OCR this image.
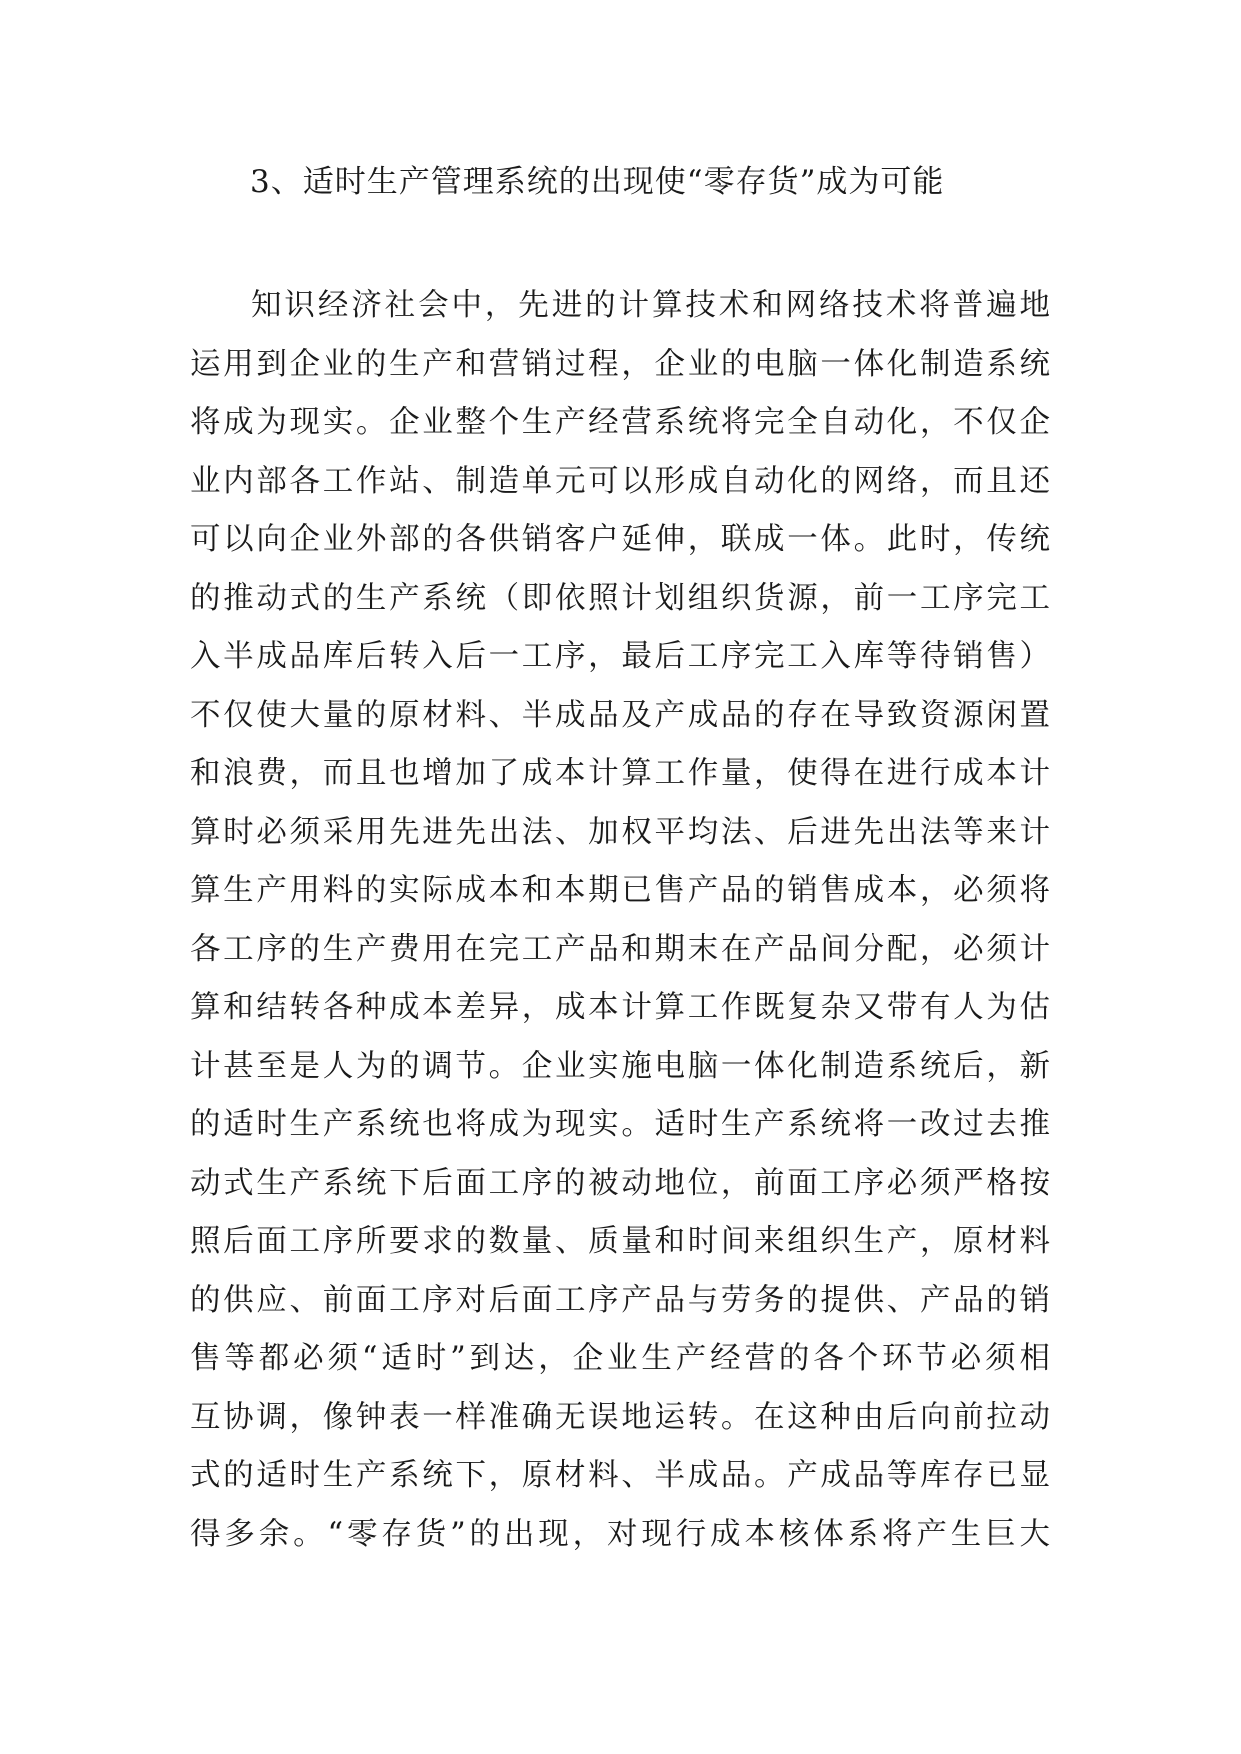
3、适时生产管理系统的出现使“零存货”成为可能
知识经济社会中，先进的计算技术和网络技术将普遍地
运用到企业的生产和营销过程，企业的电脑一体化制造系统
将成为现实。企业整个生产经营系统将完全自动化，不仅企
业内部各工作站、制造单元可以形成自动化的网络，而且还
可以向企业外部的各供销客户延伸，联成一体。此时，传统
的推动式的生产系统（即依照计划组织货源，前一工序完工
入半成品库后转入后一工序，最后工序完工入库等待销售）
不仅使大量的原材料、半成品及产成品的存在导致资源闲置
和浪费，而且也增加了成本计算工作量，使得在进行成本计
算时必须采用先进先出法、加权平均法、后进先出法等来计
算生产用料的实际成本和本期已售产品的销售成本，必须将
各工序的生产费用在完工产品和期末在产品间分配，必须计
算和结转各种成本差异，成本计算工作既复杂又带有人为估
计甚至是人为的调节。企业实施电脑一体化制造系统后，新
的适时生产系统也将成为现实。适时生产系统将一改过去推
动式生产系统下后面工序的被动地位，前面工序必须严格按
照后面工序所要求的数量、质量和时间来组织生产，原材料
的供应、前面工序对后面工序产品与劳务的提供、产品的销
售等都必须“适时”到达，企业生产经营的各个环节必须相
互协调，像钟表一样准确无误地运转。在这种由后向前拉动
式的适时生产系统下，原材料、半成品。产成品等库存已显
得多余。“零存货”的出现，对现行成本核体系将产生巨大
